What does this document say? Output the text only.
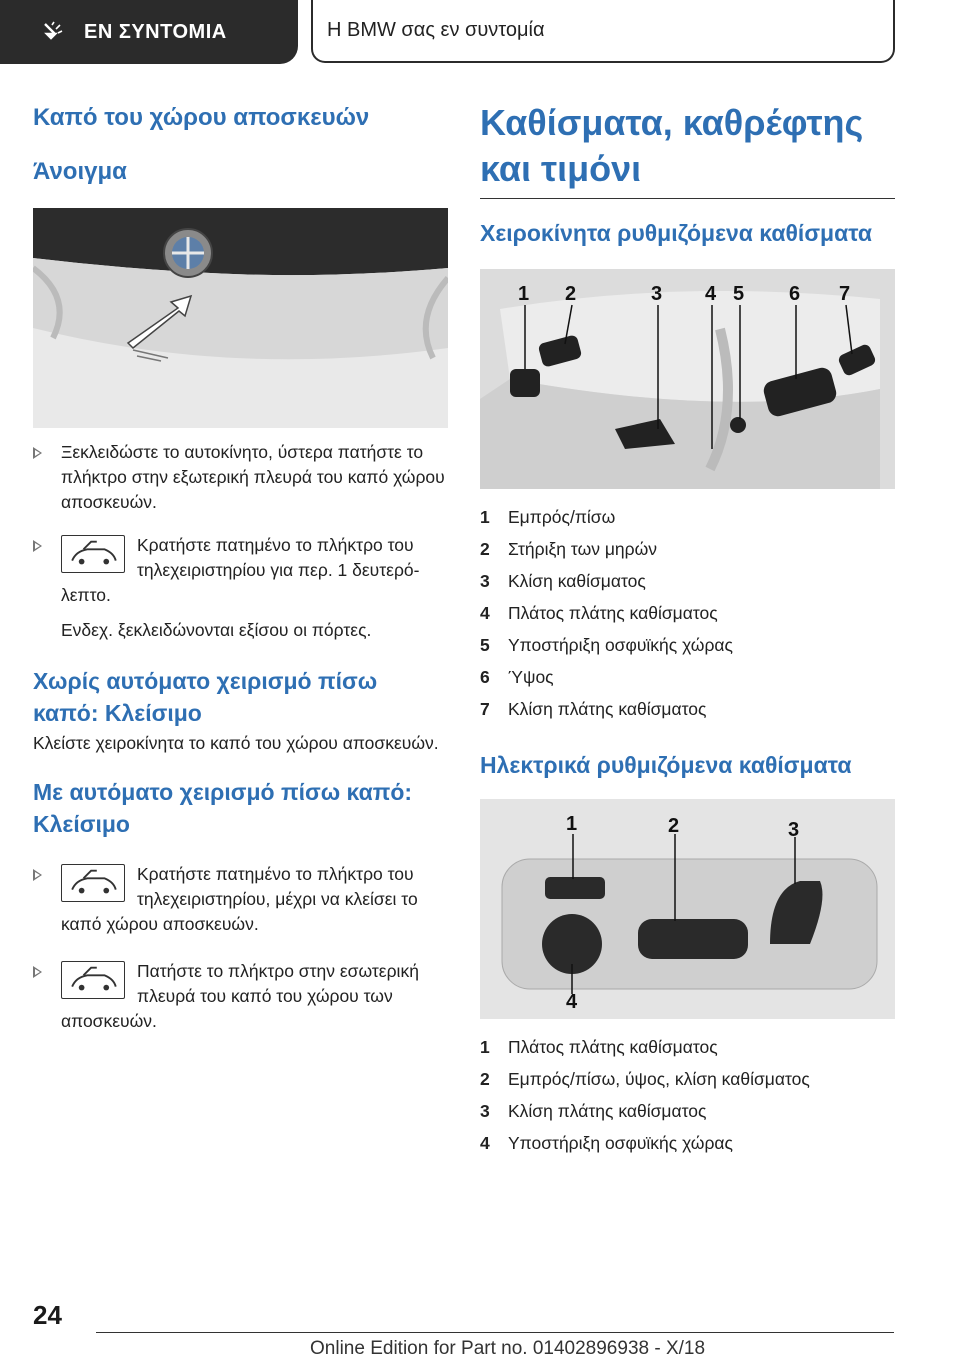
ΕΝ ΣΥΝΤΟΜΙΑ	Η BMW σας εν συντομία
Καπό του χώρου αποσκευών
Άνοιγμα
Ξεκλειδώστε το αυτοκίνητο, ύστερα πατήστε το πλήκτρο στην εξωτερική πλευρά του καπό χώρου αποσκευών.
Κρατήστε πατημένο το πλήκτρο του τηλεχειριστηρίου για περ. 1 δευτερόλεπτο.
Ενδεχ. ξεκλειδώνονται εξίσου οι πόρτες.
Χωρίς αυτόματο χειρισμό πίσω καπό: Κλείσιμο
Κλείστε χειροκίνητα το καπό του χώρου αποσκευών.
Με αυτόματο χειρισμό πίσω καπό: Κλείσιμο
Κρατήστε πατημένο το πλήκτρο του τηλεχειριστηρίου, μέχρι να κλείσει το καπό χώρου αποσκευών.
Πατήστε το πλήκτρο στην εσωτερική πλευρά του καπό του χώρου των αποσκευών.
Καθίσματα, καθρέφτης και τιμόνι
Χειροκίνητα ρυθμιζόμενα καθίσματα
1 2	3 4 5 6 7
1	Εμπρός/πίσω
2	Στήριξη των μηρών
3	Κλίση καθίσματος
4	Πλάτος πλάτης καθίσματος
5	Υποστήριξη οσφυϊκής χώρας
6	Ύψος
7	Κλίση πλάτης καθίσματος
Ηλεκτρικά ρυθμιζόμενα καθίσματα
1	2	3
4
1	Πλάτος πλάτης καθίσματος
2	Εμπρός/πίσω, ύψος, κλίση καθίσματος
3	Κλίση πλάτης καθίσματος
4	Υποστήριξη οσφυϊκής χώρας
24
Online Edition for Part no. 01402896938 - X/18
